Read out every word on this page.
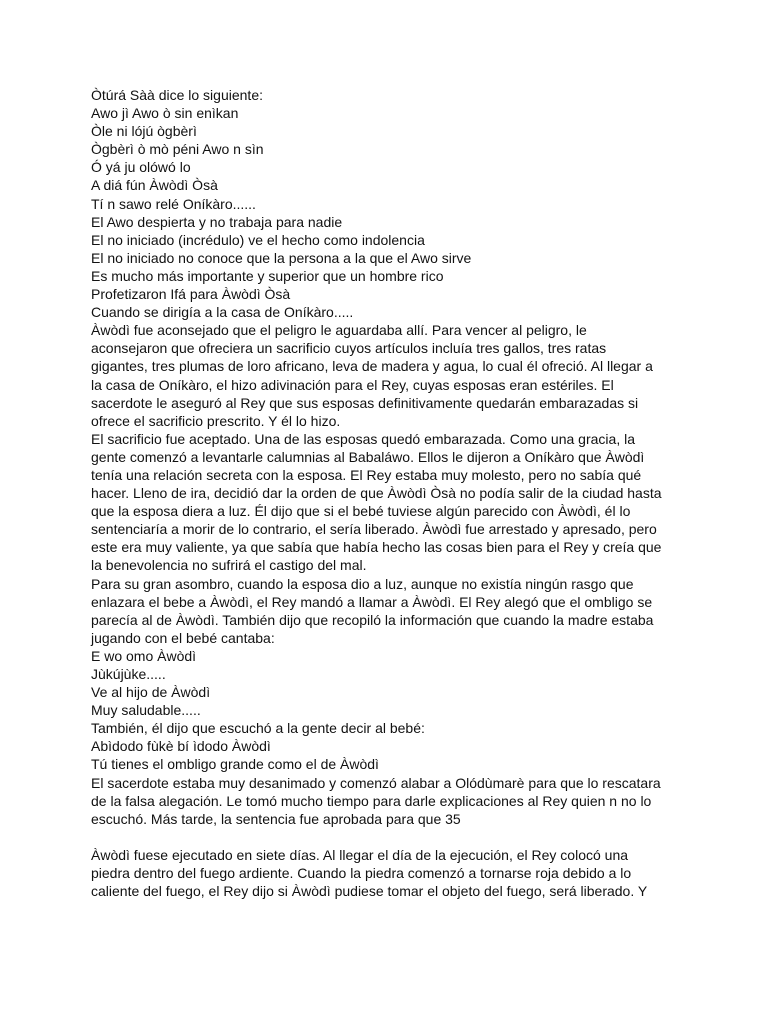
Òtúrá Sàà dice lo siguiente:
Awo jì Awo ò sin enìkan
Òle ni lójú ògbèrì
Ògbèrì ò mò péni Awo n sìn
Ó yá ju olówó lo
A diá fún Àwòdì Òsà
Tí n sawo relé Oníkàro......
El Awo despierta y no trabaja para nadie
El no iniciado (incrédulo) ve el hecho como indolencia
El no iniciado no conoce que la persona a la que el Awo sirve
Es mucho más importante y superior que un hombre rico
Profetizaron Ifá para Àwòdì Òsà
Cuando se dirigía a la casa de Oníkàro.....
Àwòdì fue aconsejado que el peligro le aguardaba allí. Para vencer al peligro, le
aconsejaron que ofreciera un sacrificio cuyos artículos incluía tres gallos, tres ratas
gigantes, tres plumas de loro africano, leva de madera y agua, lo cual él ofreció. Al llegar a
la casa de Oníkàro, el hizo adivinación para el Rey, cuyas esposas eran estériles. El
sacerdote le aseguró al Rey que sus esposas definitivamente quedarán embarazadas si
ofrece el sacrificio prescrito. Y él lo hizo.
El sacrificio fue aceptado. Una de las esposas quedó embarazada. Como una gracia, la
gente comenzó a levantarle calumnias al Babaláwo. Ellos le dijeron a Oníkàro que Àwòdì
tenía una relación secreta con la esposa. El Rey estaba muy molesto, pero no sabía qué
hacer. Lleno de ira, decidió dar la orden de que Àwòdì Òsà no podía salir de la ciudad hasta
que la esposa diera a luz. Él dijo que si el bebé tuviese algún parecido con Àwòdì, él lo
sentenciaría a morir de lo contrario, el sería liberado. Àwòdì fue arrestado y apresado, pero
este era muy valiente, ya que sabía que había hecho las cosas bien para el Rey y creía que
la benevolencia no sufrirá el castigo del mal.
Para su gran asombro, cuando la esposa dio a luz, aunque no existía ningún rasgo que
enlazara el bebe a Àwòdì, el Rey mandó a llamar a Àwòdì. El Rey alegó que el ombligo se
parecía al de Àwòdì. También dijo que recopiló la información que cuando la madre estaba
jugando con el bebé cantaba:
E wo omo Àwòdì
Jùkújùke.....
Ve al hijo de Àwòdì
Muy saludable.....
También, él dijo que escuchó a la gente decir al bebé:
Abìdodo fùkè bí ìdodo Àwòdì
Tú tienes el ombligo grande como el de Àwòdì
El sacerdote estaba muy desanimado y comenzó alabar a Olódùmarè para que lo rescatara
de la falsa alegación. Le tomó mucho tiempo para darle explicaciones al Rey quien n no lo
escuchó. Más tarde, la sentencia fue aprobada para que 35
Àwòdì fuese ejecutado en siete días. Al llegar el día de la ejecución, el Rey colocó una
piedra dentro del fuego ardiente. Cuando la piedra comenzó a tornarse roja debido a lo
caliente del fuego, el Rey dijo si Àwòdì pudiese tomar el objeto del fuego, será liberado. Y
